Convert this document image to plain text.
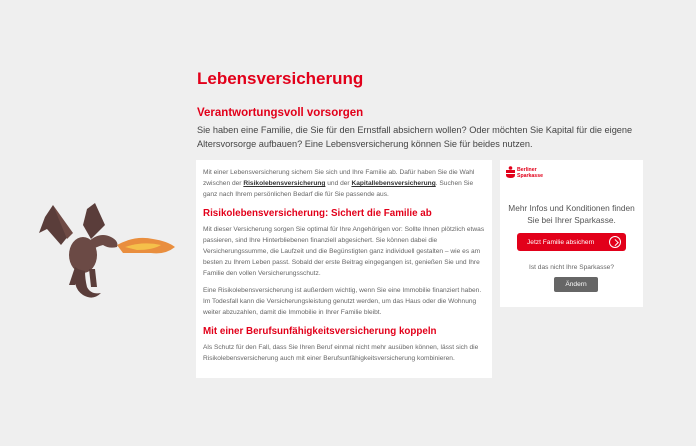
Lebensversicherung
Verantwortungsvoll vorsorgen
Sie haben eine Familie, die Sie für den Ernstfall absichern wollen? Oder möchten Sie Kapital für die eigene Altersvorsorge aufbauen? Eine Lebensversicherung können Sie für beides nutzen.

Mit einer Lebensversicherung sichern Sie sich und Ihre Familie ab. Dafür haben Sie die Wahl zwischen der Risikolebensversicherung und der Kapitallebensversicherung. Suchen Sie ganz nach Ihrem persönlichen Bedarf die für Sie passende aus.

Risikolebensversicherung: Sichert die Familie ab

Mit dieser Versicherung sorgen Sie optimal für Ihre Angehörigen vor: Sollte Ihnen plötzlich etwas passieren, sind Ihre Hinterbliebenen finanziell abgesichert. Sie können dabei die Versicherungssumme, die Laufzeit und die Begünstigten ganz individuell gestalten – wie es am besten zu Ihrem Leben passt. Sobald der erste Beitrag eingegangen ist, genießen Sie und Ihre Familie den vollen Versicherungsschutz.

Eine Risikolebensversicherung ist außerdem wichtig, wenn Sie eine Immobilie finanziert haben. Im Todesfall kann die Versicherungsleistung genutzt werden, um das Haus oder die Wohnung weiter abzuzahlen, damit die Immobilie in Ihrer Familie bleibt.

Mit einer Berufsunfähigkeitsversicherung koppeln

Als Schutz für den Fall, dass Sie Ihren Beruf einmal nicht mehr ausüben können, lässt sich die Risikolebensversicherung auch mit einer Berufsunfähigkeitsversicherung kombinieren.

Berliner
Sparkasse
Mehr Infos und Konditionen finden Sie bei Ihrer Sparkasse.
Jetzt Familie absichern
Ist das nicht Ihre Sparkasse?
Ändern
